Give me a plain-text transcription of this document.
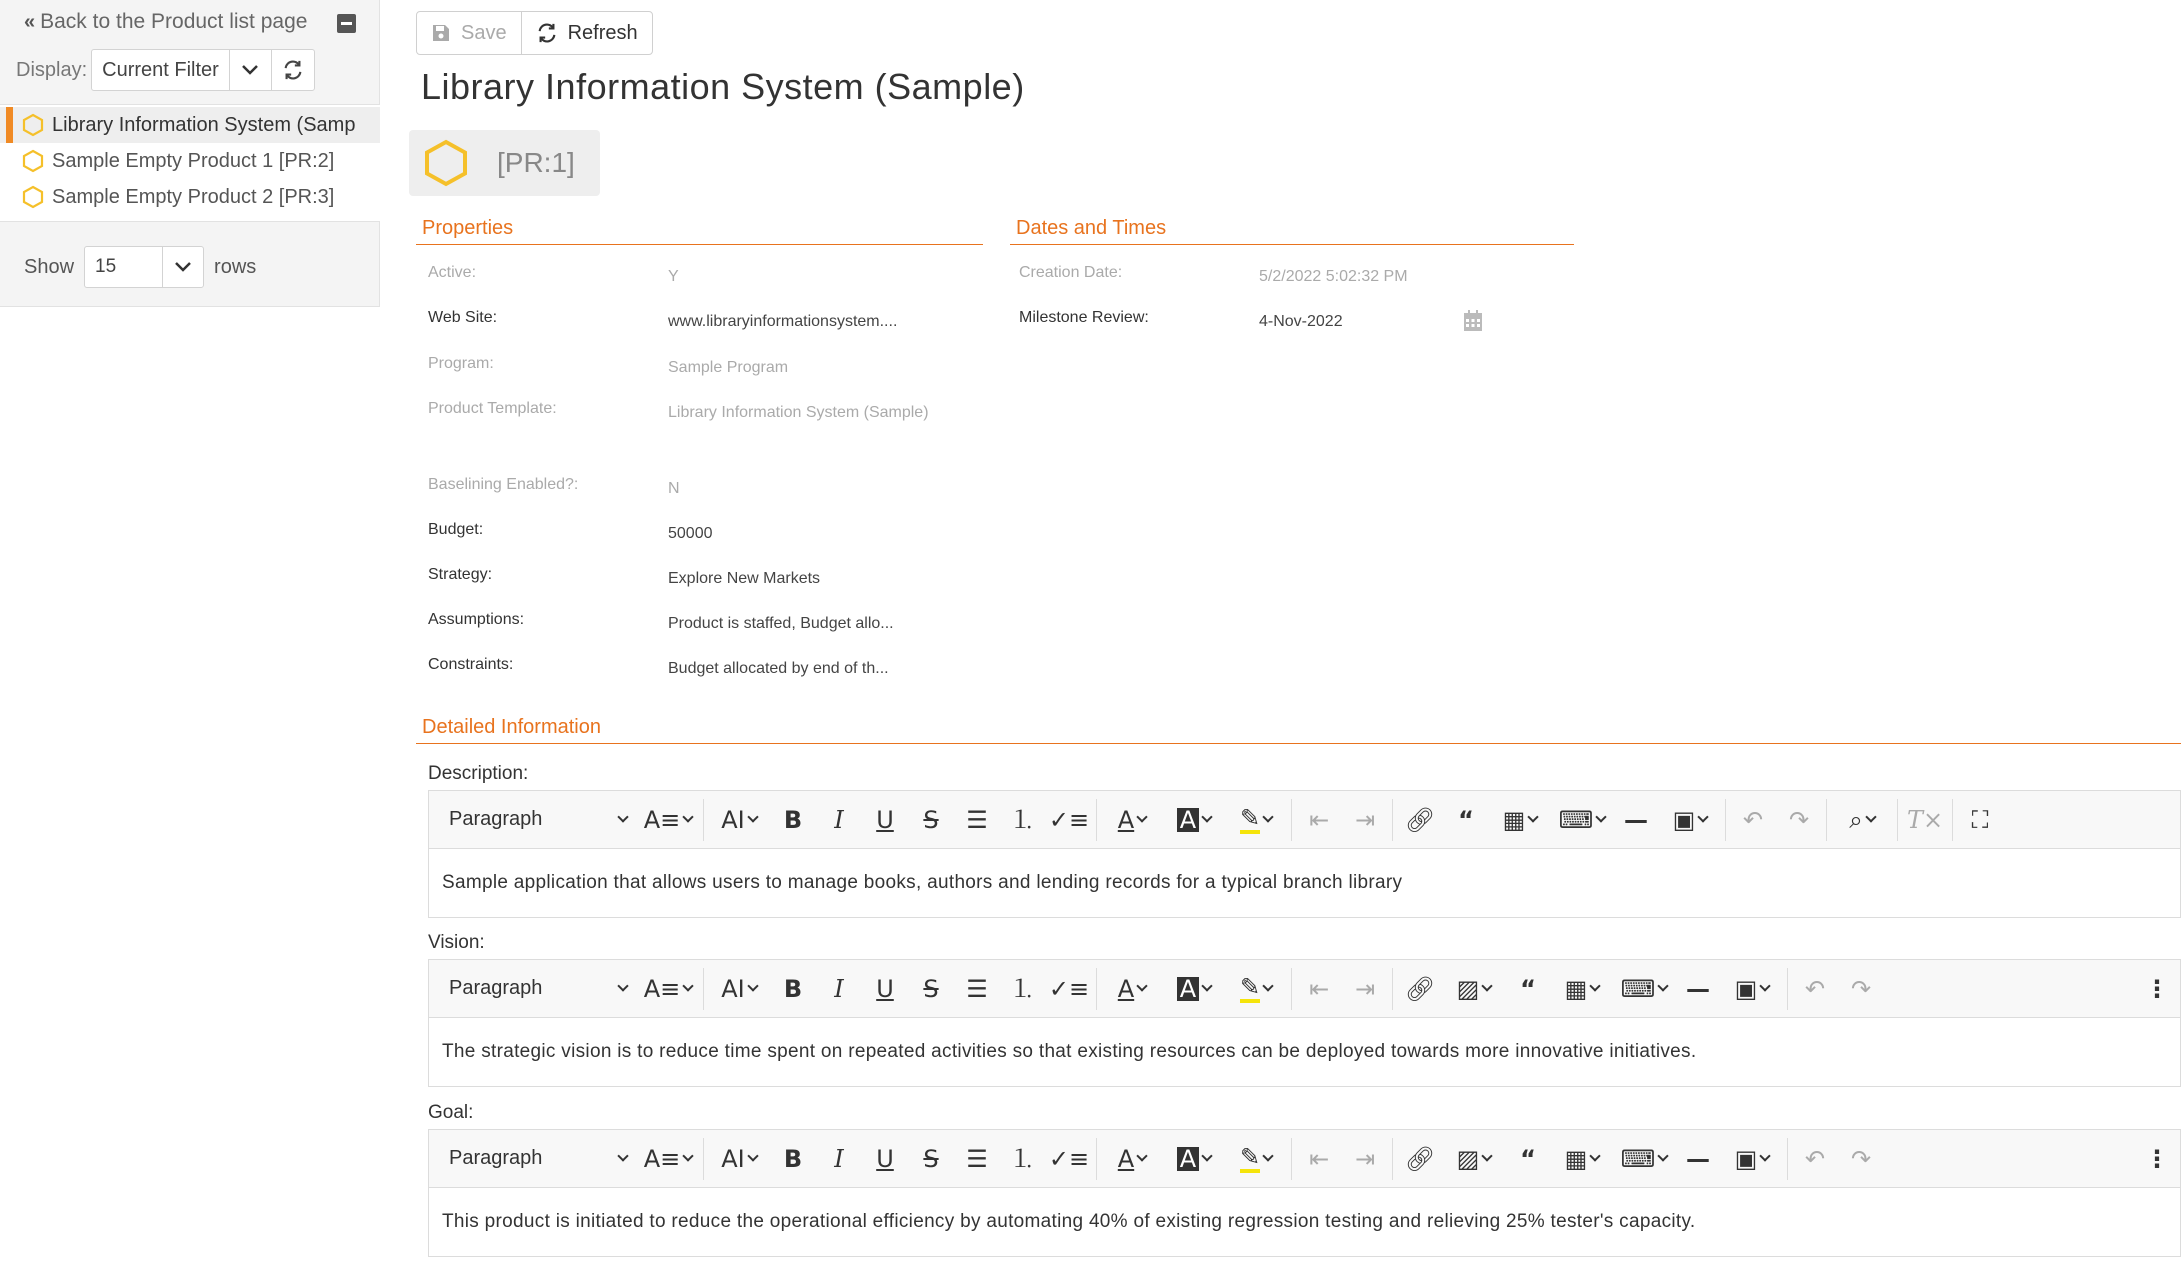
« Back to the Product list page
Display: Current Filter
Library Information System (Samp
Sample Empty Product 1 [PR:2]
Sample Empty Product 2 [PR:3]
Show	15	rows
Save	Refresh
Library Information System (Sample)
[PR:1]
Properties	Dates and Times
Active:	Y
Web Site:	www.libraryinformationsystem....
Program:	Sample Program
Product Template:	Library Information System (Sample)
Baselining Enabled?:	N
Budget:	50000
Strategy:	Explore New Markets
Assumptions:	Product is staffed, Budget allo...
Constraints:	Budget allocated by end of th...
Creation Date:	5/2/2022 5:02:32 PM
Milestone Review:	4-Nov-2022
Detailed Information
Description:
Paragraph	A≡ AI B I U S ☰ ⒈ ✓≡ A A ✎ ⇤ ⇥ 🔗︎ “ ▦ ⌨ — ▣ ↶ ↷ ⌕ T× ⛶
Sample application that allows users to manage books, authors and lending records for a typical branch library
Vision:
Paragraph	A≡ AI B I U S ☰ ⒈ ✓≡ A A ✎ ⇤ ⇥ 🔗︎ ▨ “ ▦ ⌨ — ▣ ↶ ↷	⋮
The strategic vision is to reduce time spent on repeated activities so that existing resources can be deployed towards more innovative initiatives.
Goal:
Paragraph	A≡ AI B I U S ☰ ⒈ ✓≡ A A ✎ ⇤ ⇥ 🔗︎ ▨ “ ▦ ⌨ — ▣ ↶ ↷	⋮
This product is initiated to reduce the operational efficiency by automating 40% of existing regression testing and relieving 25% tester's capacity.
